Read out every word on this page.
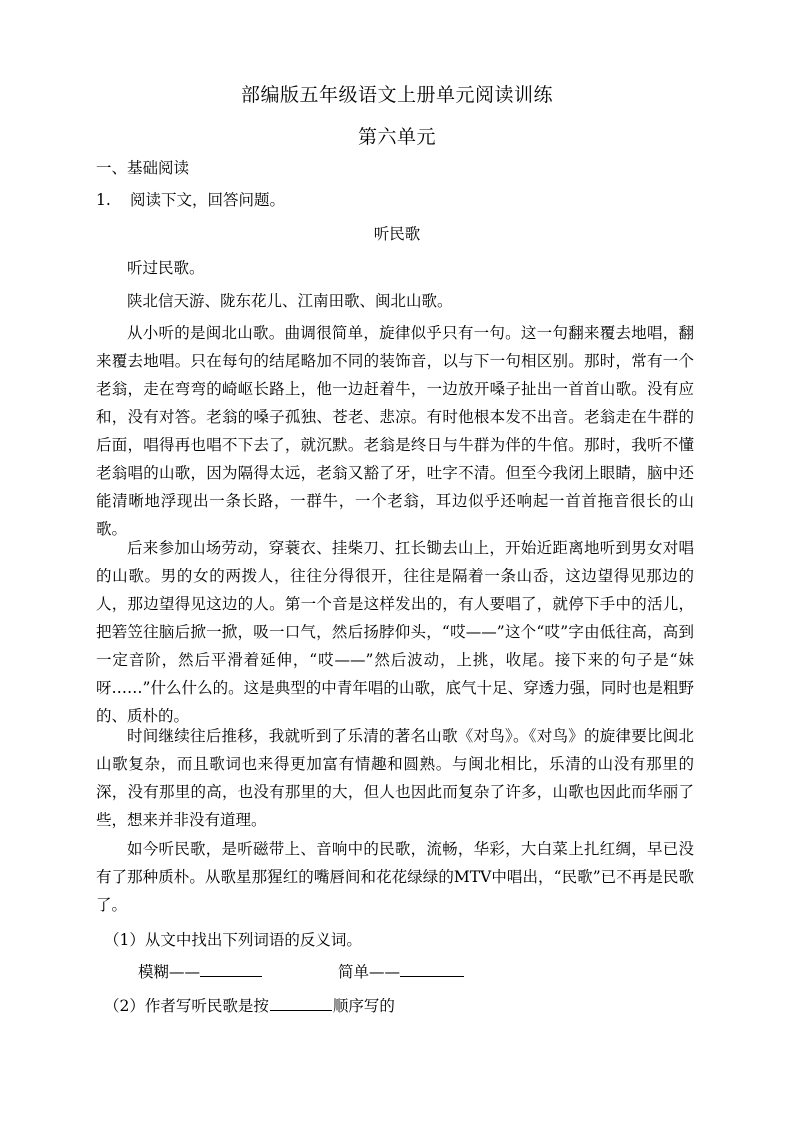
部编版五年级语文上册单元阅读训练
第六单元
一、基础阅读
1. 阅读下文，回答问题。
听民歌

听过民歌。

陕北信天游、陇东花儿、江南田歌、闽北山歌。

从小听的是闽北山歌。曲调很简单，旋律似乎只有一句。这一句翻来覆去地唱，翻来覆去地唱。只在每句的结尾略加不同的装饰音，以与下一句相区别。那时，常有一个老翁，走在弯弯的崎岖长路上，他一边赶着牛，一边放开嗓子扯出一首首山歌。没有应和，没有对答。老翁的嗓子孤独、苍老、悲凉。有时他根本发不出音。老翁走在牛群的后面，唱得再也唱不下去了，就沉默。老翁是终日与牛群为伴的牛倌。那时，我听不懂老翁唱的山歌，因为隔得太远，老翁又豁了牙，吐字不清。但至今我闭上眼睛，脑中还能清晰地浮现出一条长路，一群牛，一个老翁，耳边似乎还响起一首首拖音很长的山歌。

后来参加山场劳动，穿蓑衣、挂柴刀、扛长锄去山上，开始近距离地听到男女对唱的山歌。男的女的两拨人，往往分得很开，往往是隔着一条山岙，这边望得见那边的人，那边望得见这边的人。第一个音是这样发出的，有人要唱了，就停下手中的活儿，把箬笠往脑后掀一掀，吸一口气，然后扬脖仰头，“哎——”这个“哎”字由低往高，高到一定音阶，然后平滑着延伸，“哎——”然后波动，上挑，收尾。接下来的句子是“妹呀……”什么什么的。这是典型的中青年唱的山歌，底气十足、穿透力强，同时也是粗野的、质朴的。

时间继续往后推移，我就听到了乐清的著名山歌《对鸟》。《对鸟》的旋律要比闽北山歌复杂，而且歌词也来得更加富有情趣和圆熟。与闽北相比，乐清的山没有那里的深，没有那里的高，也没有那里的大，但人也因此而复杂了许多，山歌也因此而华丽了些，想来并非没有道理。

如今听民歌，是听磁带上、音响中的民歌，流畅，华彩，大白菜上扎红绸，早已没有了那种质朴。从歌星那猩红的嘴唇间和花花绿绿的MTV中唱出，“民歌”已不再是民歌了。

（1）从文中找出下列词语的反义词。
模糊——	简单——
（2）作者写听民歌是按	顺序写的
